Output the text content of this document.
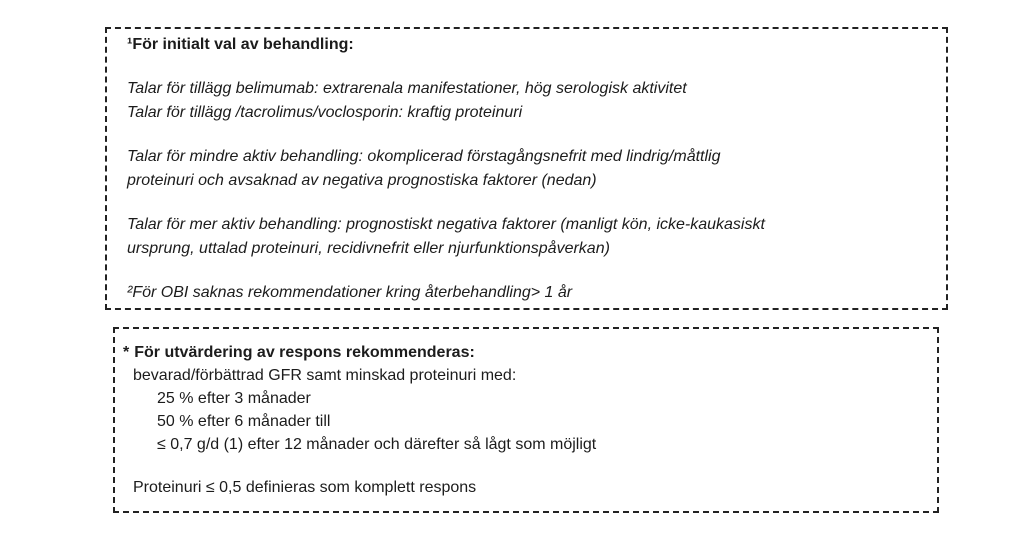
¹För initialt val av behandling:
Talar för tillägg belimumab: extrarenala manifestationer, hög serologisk aktivitet
Talar för tillägg /tacrolimus/voclosporin: kraftig proteinuri
Talar för mindre aktiv behandling: okomplicerad förstagångsnefrit med lindrig/måttlig
proteinuri och avsaknad av negativa prognostiska faktorer (nedan)
Talar för mer aktiv behandling: prognostiskt negativa faktorer (manligt kön, icke-kaukasiskt
ursprung, uttalad proteinuri, recidivnefrit eller njurfunktionspåverkan)
²För OBI saknas rekommendationer kring återbehandling> 1 år
* För utvärdering av respons rekommenderas:
bevarad/förbättrad GFR samt minskad proteinuri med:
25 % efter 3 månader
50 % efter 6 månader till
≤ 0,7 g/d (1) efter 12 månader och därefter så lågt som möjligt
Proteinuri ≤ 0,5 definieras som komplett respons
